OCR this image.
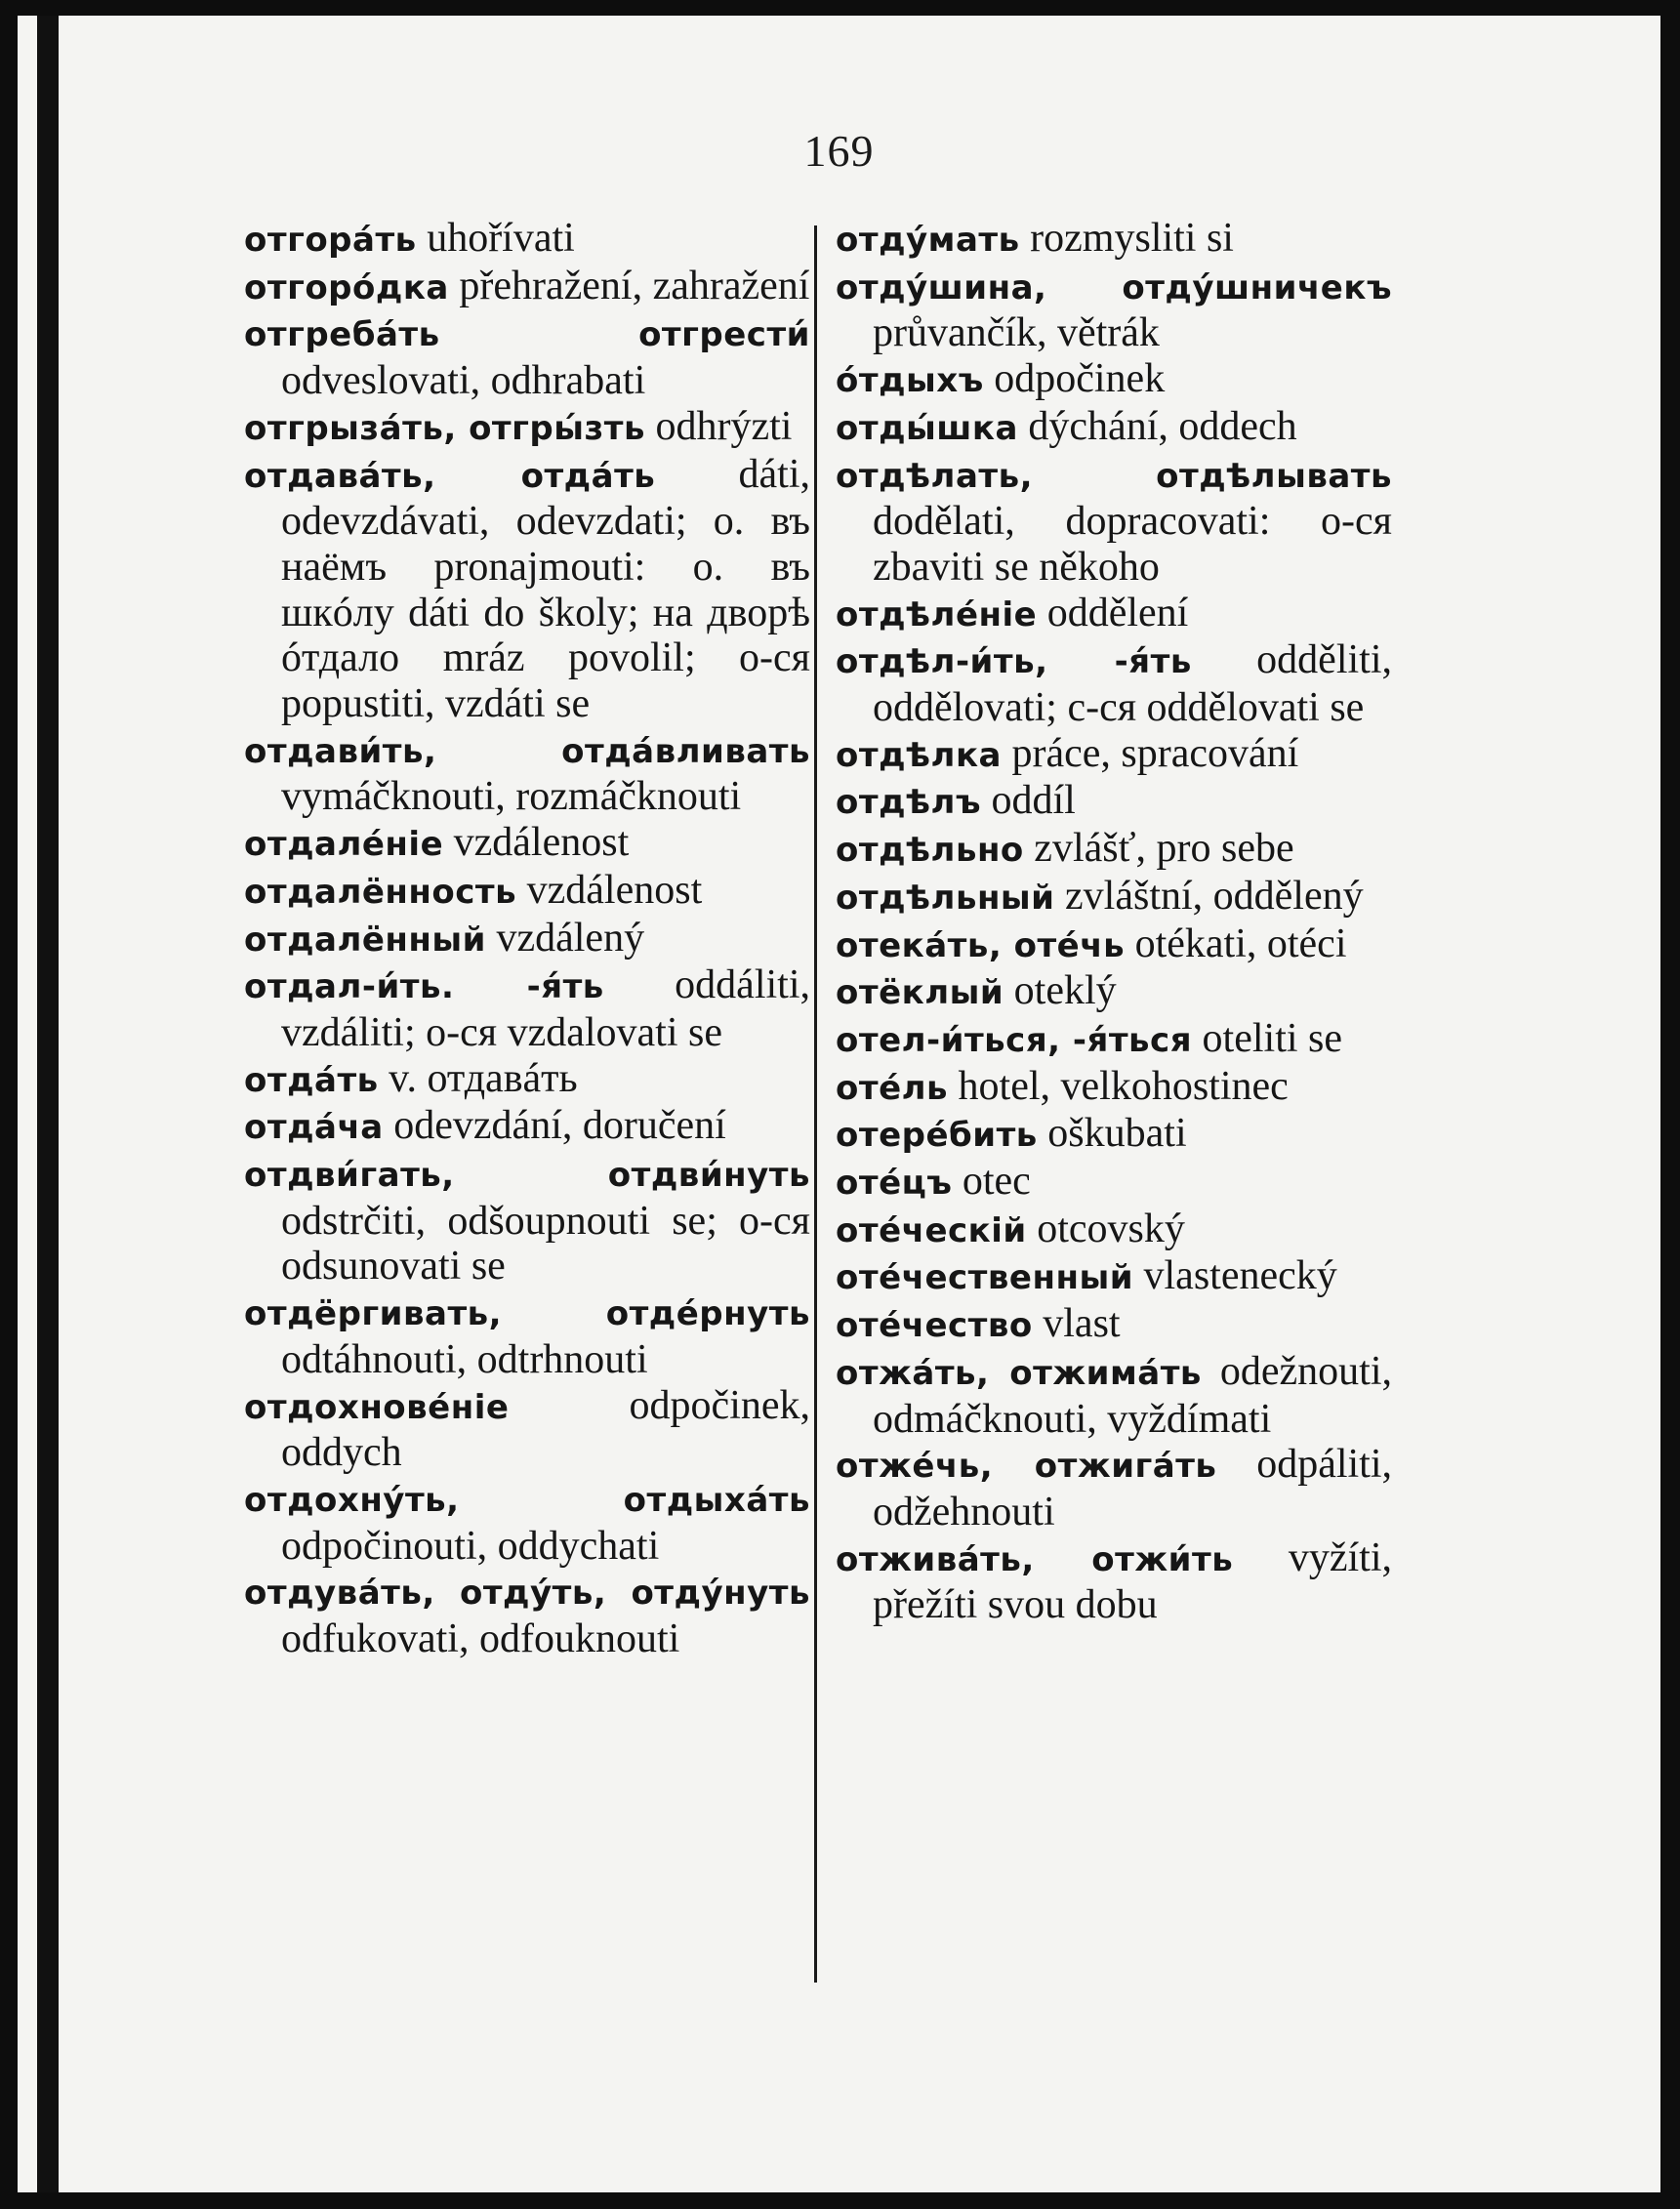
169

отгорáть uhořívati

отгорóдка přehražení, zahražení

отгребáть отгрести́ odveslovati, odhrabati

отгрызáть, отгры́зть odhrýzti

отдавáть, отдáть dáti, odevzdávati, odevzdati; о. въ наёмъ pronajmouti: о. въ шкóлу dáti do školy; на дворѣ óтдало mráz povolil; о-ся popustiti, vzdáti se

отдави́ть, отдáвливать vymáčknouti, rozmáčknouti

отдалéніе vzdálenost

отдалённость vzdálenost

отдалённый vzdálený

отдал-и́ть. -я́ть oddáliti, vzdáliti; о-ся vzdalovati se

отдáть v. отдавáть

отдáча odevzdání, doručení

отдви́гать, отдви́нуть odstrčiti, odšoupnouti se; о-ся odsunovati se

отдёргивать, отдéрнуть odtáhnouti, odtrhnouti

отдохновéніе	odpočinek, oddych

отдохнýть, отдыхáть odpočinouti, oddychati

отдувáть, отдýть, отдýнуть odfukovati, odfouknouti

отдýмать rozmysliti si

отдýшина, отдýшничекъ průvančík, větrák

óтдыхъ odpočinek

отды́шка dýchání, oddech

отдѣлать, отдѣлывать dodělati, dopracovati: о-ся zbaviti se někoho

отдѣлéніе oddělení

отдѣл-и́ть, -я́ть odděliti, oddělovati; с-ся oddělovati se

отдѣлка práce, spracování

отдѣлъ oddíl

отдѣльно zvlášť, pro sebe

отдѣльный zvláštní, oddělený

отекáть, отéчь otékati, otéci

отёклый oteklý

отел-и́ться, -я́ться oteliti se

отéль hotel, velkohostinec

отерéбить oškubati

отéцъ otec

отéческій otcovský

отéчественный vlastenecký

отéчество vlast

отжáть, отжимáть odežnouti, odmáčknouti, vyždímati

отжéчь, отжигáть odpáliti, odžehnouti

отживáть, отжи́ть vyžíti, přežíti svou dobu
